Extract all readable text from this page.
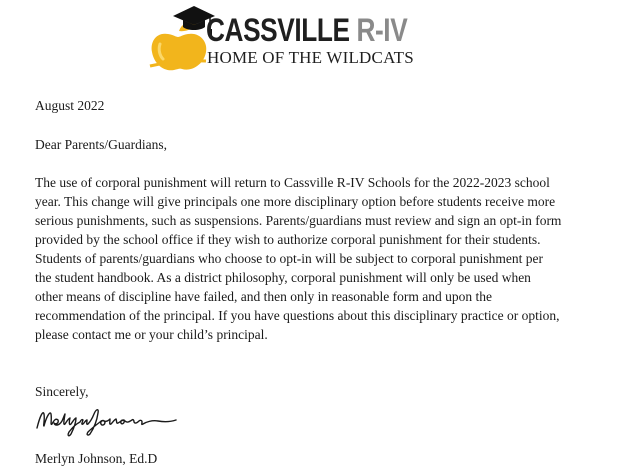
CASSVILLE R-IV
HOME OF THE WILDCATS
August 2022
Dear Parents/Guardians,
The use of corporal punishment will return to Cassville R-IV Schools for the 2022-2023 school
year. This change will give principals one more disciplinary option before students receive more
serious punishments, such as suspensions. Parents/guardians must review and sign an opt-in form
provided by the school office if they wish to authorize corporal punishment for their students.
Students of parents/guardians who choose to opt-in will be subject to corporal punishment per
the student handbook. As a district philosophy, corporal punishment will only be used when
other means of discipline have failed, and then only in reasonable form and upon the
recommendation of the principal. If you have questions about this disciplinary practice or option,
please contact me or your child’s principal.
Sincerely,
Merlyn Johnson, Ed.D
